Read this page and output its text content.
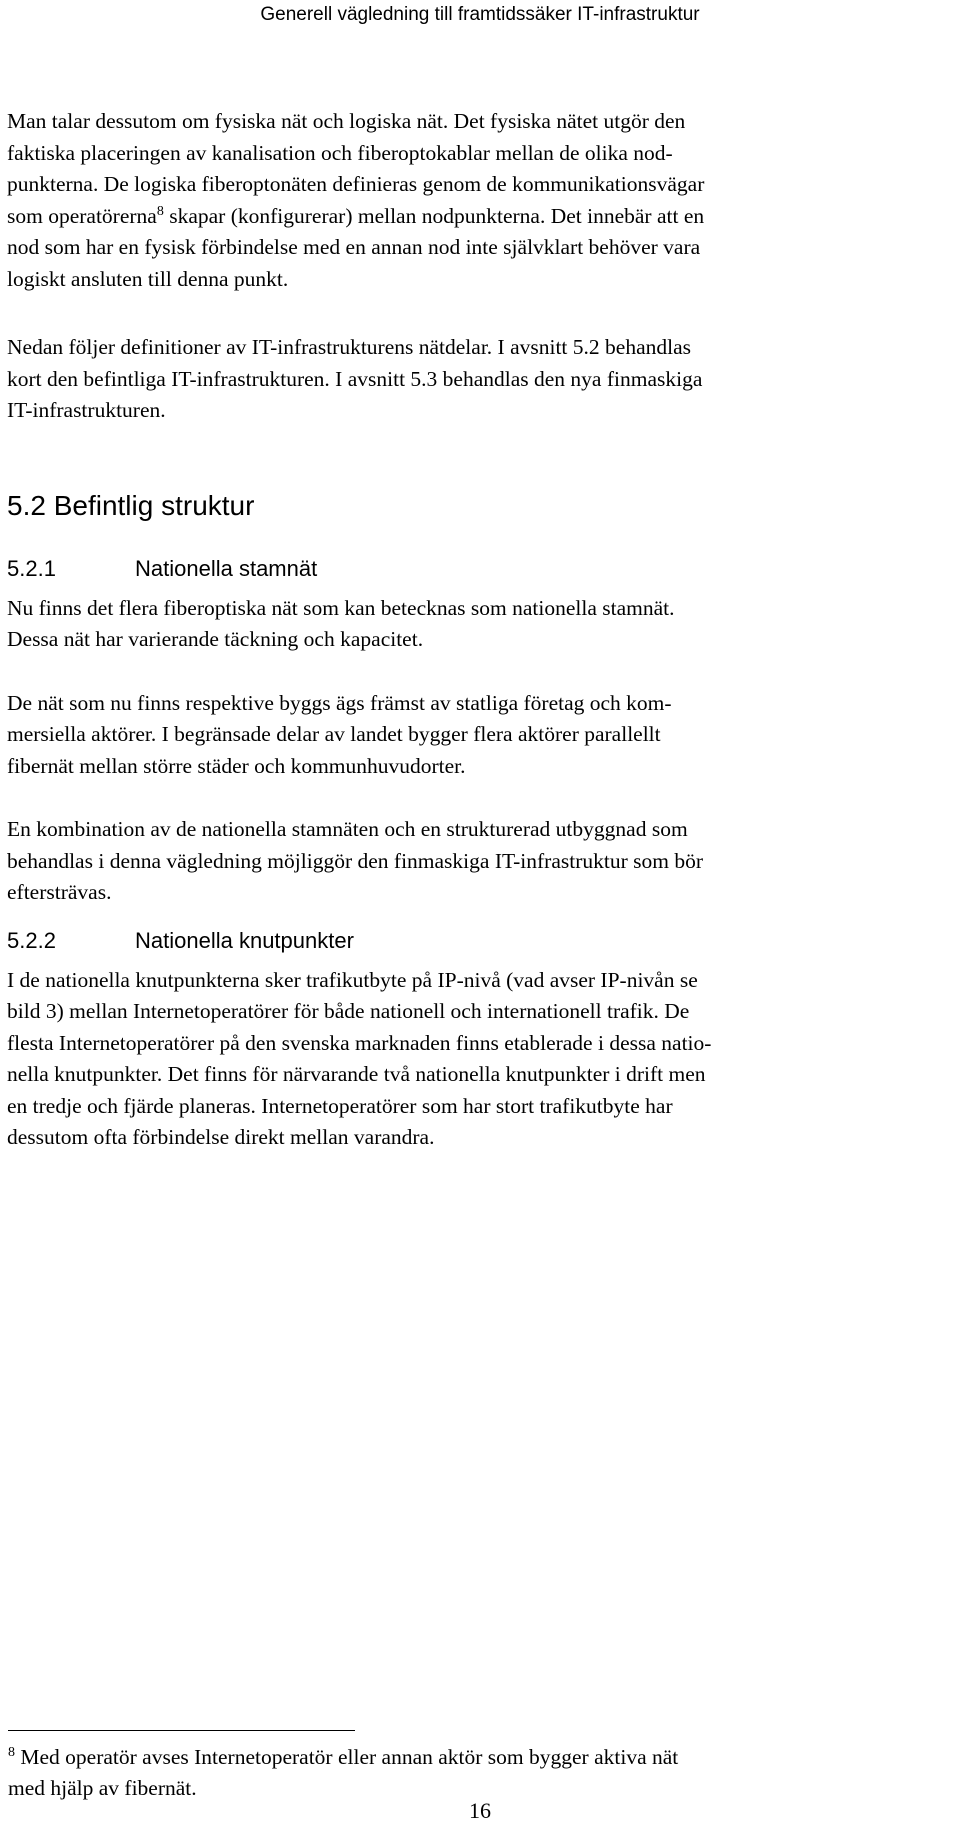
Generell vägledning till framtidssäker IT-infrastruktur

Man talar dessutom om fysiska nät och logiska nät. Det fysiska nätet utgör den
faktiska placeringen av kanalisation och fiberoptokablar mellan de olika nod-
punkterna. De logiska fiberoptonäten definieras genom de kommunikationsvägar
som operatörerna$^8$ skapar (konfigurerar) mellan nodpunkterna. Det innebär att en
nod som har en fysisk förbindelse med en annan nod inte självklart behöver vara
logiskt ansluten till denna punkt.

Nedan följer definitioner av IT-infrastrukturens nätdelar. I avsnitt 5.2 behandlas
kort den befintliga IT-infrastrukturen. I avsnitt 5.3 behandlas den nya finmaskiga
IT-infrastrukturen.

5.2 Befintlig struktur
5.2.1	Nationella stamnät

Nu finns det flera fiberoptiska nät som kan betecknas som nationella stamnät.
Dessa nät har varierande täckning och kapacitet.

De nät som nu finns respektive byggs ägs främst av statliga företag och kom-
mersiella aktörer. I begränsade delar av landet bygger flera aktörer parallellt
fibernät mellan större städer och kommunhuvudorter.

En kombination av de nationella stamnäten och en strukturerad utbyggnad som
behandlas i denna vägledning möjliggör den finmaskiga IT-infrastruktur som bör
eftersträvas.

5.2.2	Nationella knutpunkter

I de nationella knutpunkterna sker trafikutbyte på IP-nivå (vad avser IP-nivån se
bild 3) mellan Internetoperatörer för både nationell och internationell trafik. De
flesta Internetoperatörer på den svenska marknaden finns etablerade i dessa natio-
nella knutpunkter. Det finns för närvarande två nationella knutpunkter i drift men
en tredje och fjärde planeras. Internetoperatörer som har stort trafikutbyte har
dessutom ofta förbindelse direkt mellan varandra.

$^8$ Med operatör avses Internetoperatör eller annan aktör som bygger aktiva nät
med hjälp av fibernät.
16
